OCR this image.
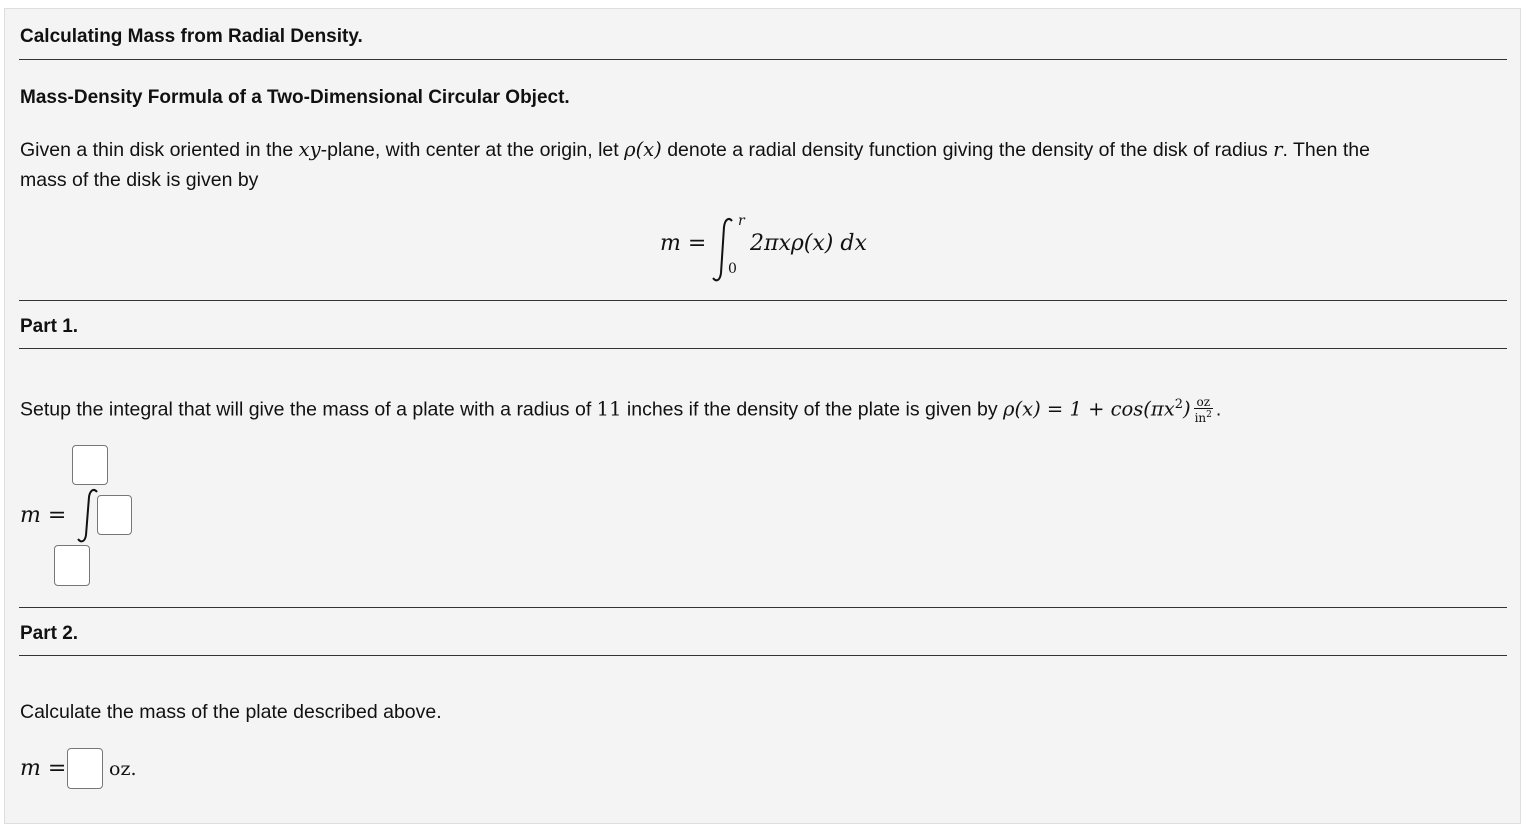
Calculating Mass from Radial Density.
Mass-Density Formula of a Two-Dimensional Circular Object.
Given a thin disk oriented in the xy-plane, with center at the origin, let ρ(x) denote a radial density function giving the density of the disk of radius r. Then the
mass of the disk is given by
m =
r
0
2πxρ(x) dx
Part 1.
Setup the integral that will give the mass of a plate with a radius of 11 inches if the density of the plate is given by $\rho(x) = 1 + \cos(\pi x^2) \frac{oz}{in^2}$ .
m =
Part 2.
Calculate the mass of the plate described above.
m = oz.
